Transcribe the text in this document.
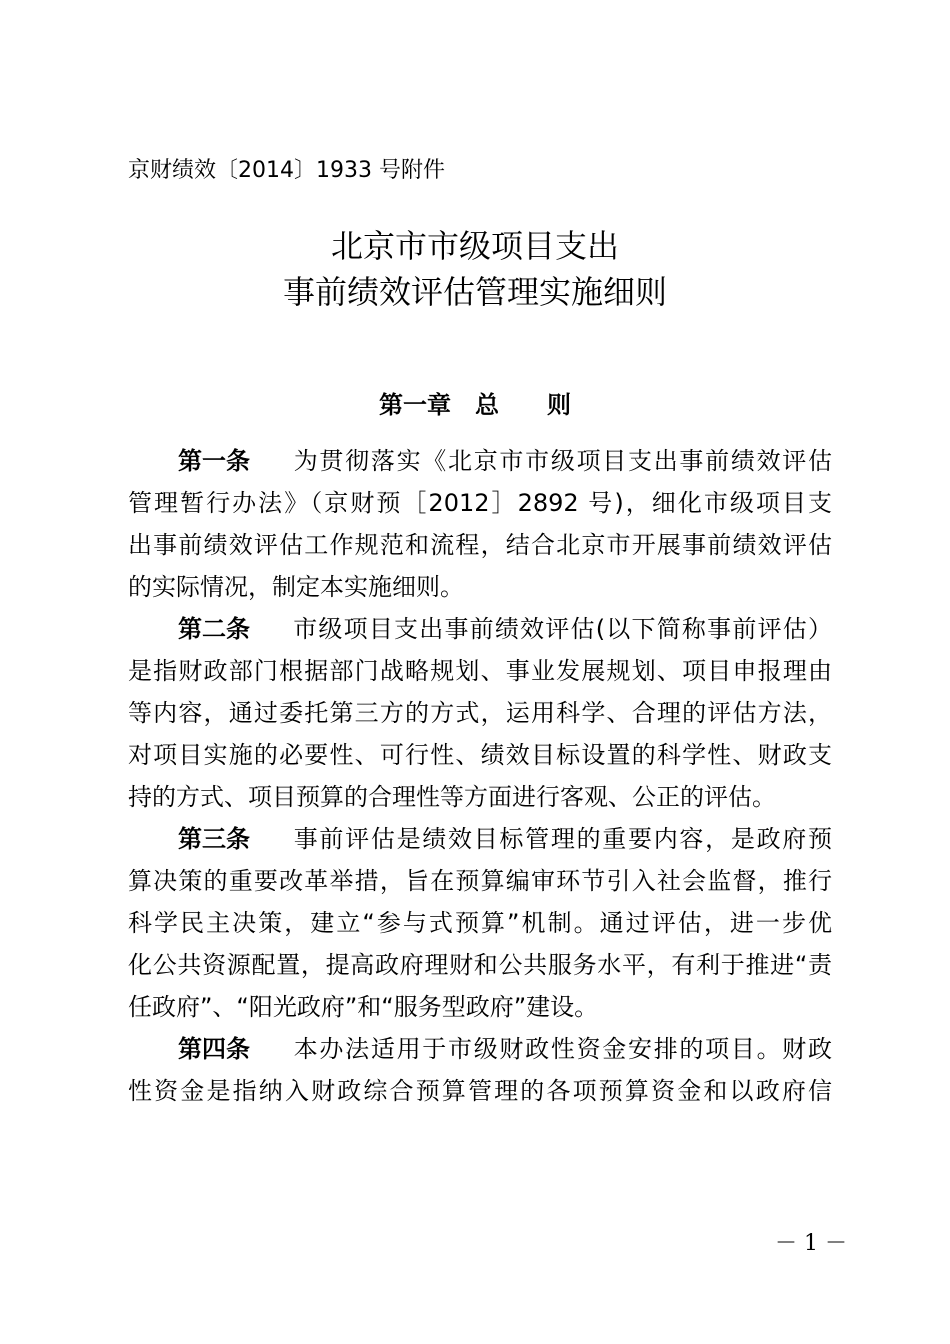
京财绩效〔2014〕1933 号附件
北京市市级项目支出
事前绩效评估管理实施细则
第一章　总　　则
第一条 为贯彻落实《北京市市级项目支出事前绩效评估
管理暂行办法》（京财预［2012］2892 号)，细化市级项目支
出事前绩效评估工作规范和流程，结合北京市开展事前绩效评估
的实际情况，制定本实施细则。
第二条 市级项目支出事前绩效评估(以下简称事前评估）
是指财政部门根据部门战略规划、事业发展规划、项目申报理由
等内容，通过委托第三方的方式，运用科学、合理的评估方法，
对项目实施的必要性、可行性、绩效目标设置的科学性、财政支
持的方式、项目预算的合理性等方面进行客观、公正的评估。
第三条 事前评估是绩效目标管理的重要内容，是政府预
算决策的重要改革举措，旨在预算编审环节引入社会监督，推行
科学民主决策，建立“参与式预算”机制。通过评估，进一步优
化公共资源配置，提高政府理财和公共服务水平，有利于推进“责
任政府”、“阳光政府”和“服务型政府”建设。
第四条 本办法适用于市级财政性资金安排的项目。财政
性资金是指纳入财政综合预算管理的各项预算资金和以政府信
－ 1 －
